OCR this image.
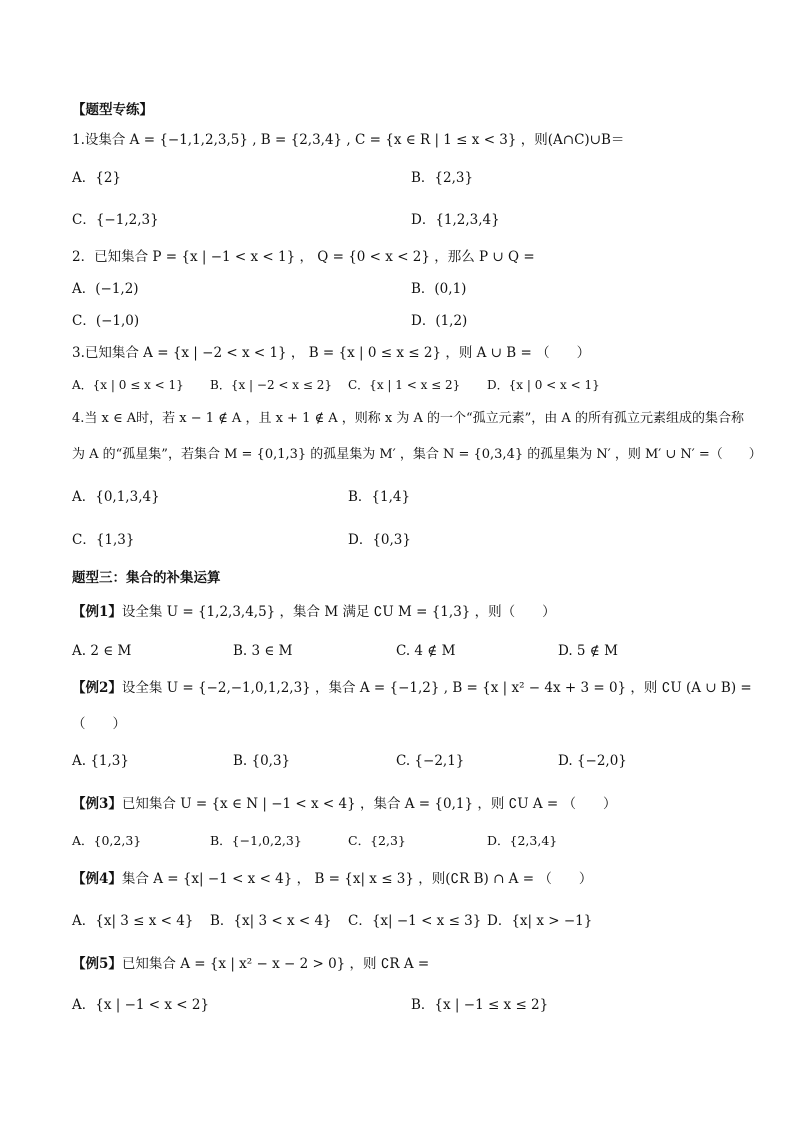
【题型专练】
1.设集合 A = {−1,1,2,3,5} , B = {2,3,4} , C = {x ∈ R | 1 ≤ x < 3} ，则(A∩C)∪B＝
A．{2}	B．{2,3}
C．{−1,2,3}	D．{1,2,3,4}
2．已知集合 P = {x | −1 < x < 1} ， Q = {0 < x < 2} ，那么 P ∪ Q =
A．(−1,2)	B．(0,1)
C．(−1,0)	D．(1,2)
3.已知集合 A = {x | −2 < x < 1} ， B = {x | 0 ≤ x ≤ 2} ，则 A ∪ B = （　　）
A．{x | 0 ≤ x < 1} B．{x | −2 < x ≤ 2} C．{x | 1 < x ≤ 2} D．{x | 0 < x < 1}
4.当 x ∈ A时，若 x − 1 ∉ A ，且 x + 1 ∉ A ，则称 x 为 A 的一个“孤立元素”，由 A 的所有孤立元素组成的集合称
为 A 的“孤星集”，若集合 M = {0,1,3} 的孤星集为 M′ ，集合 N = {0,3,4} 的孤星集为 N′ ，则 M′ ∪ N′ =（　　）
A．{0,1,3,4}	B．{1,4}
C．{1,3}	D．{0,3}
题型三：集合的补集运算
【例1】设全集 U = {1,2,3,4,5} ，集合 M 满足 ∁U M = {1,3} ，则（　　）
A. 2 ∈ M	B. 3 ∈ M	C. 4 ∉ M	D. 5 ∉ M
【例2】设全集 U = {−2,−1,0,1,2,3} ，集合 A = {−1,2} , B = {x | x² − 4x + 3 = 0} ，则 ∁U (A ∪ B) =
（　　）
A. {1,3}	B. {0,3}	C. {−2,1}	D. {−2,0}
【例3】已知集合 U = {x ∈ N | −1 < x < 4} ，集合 A = {0,1} ，则 ∁U A = （　　）
A．{0,2,3}	B．{−1,0,2,3}	C．{2,3}	D．{2,3,4}
【例4】集合 A = {x| −1 < x < 4} ， B = {x| x ≤ 3} ，则(∁R B) ∩ A = （　　）
A．{x| 3 ≤ x < 4} B．{x| 3 < x < 4} C．{x| −1 < x ≤ 3} D．{x| x > −1}
【例5】已知集合 A = {x | x² − x − 2 > 0} ，则 ∁R A =
A．{x | −1 < x < 2}	B．{x | −1 ≤ x ≤ 2}
